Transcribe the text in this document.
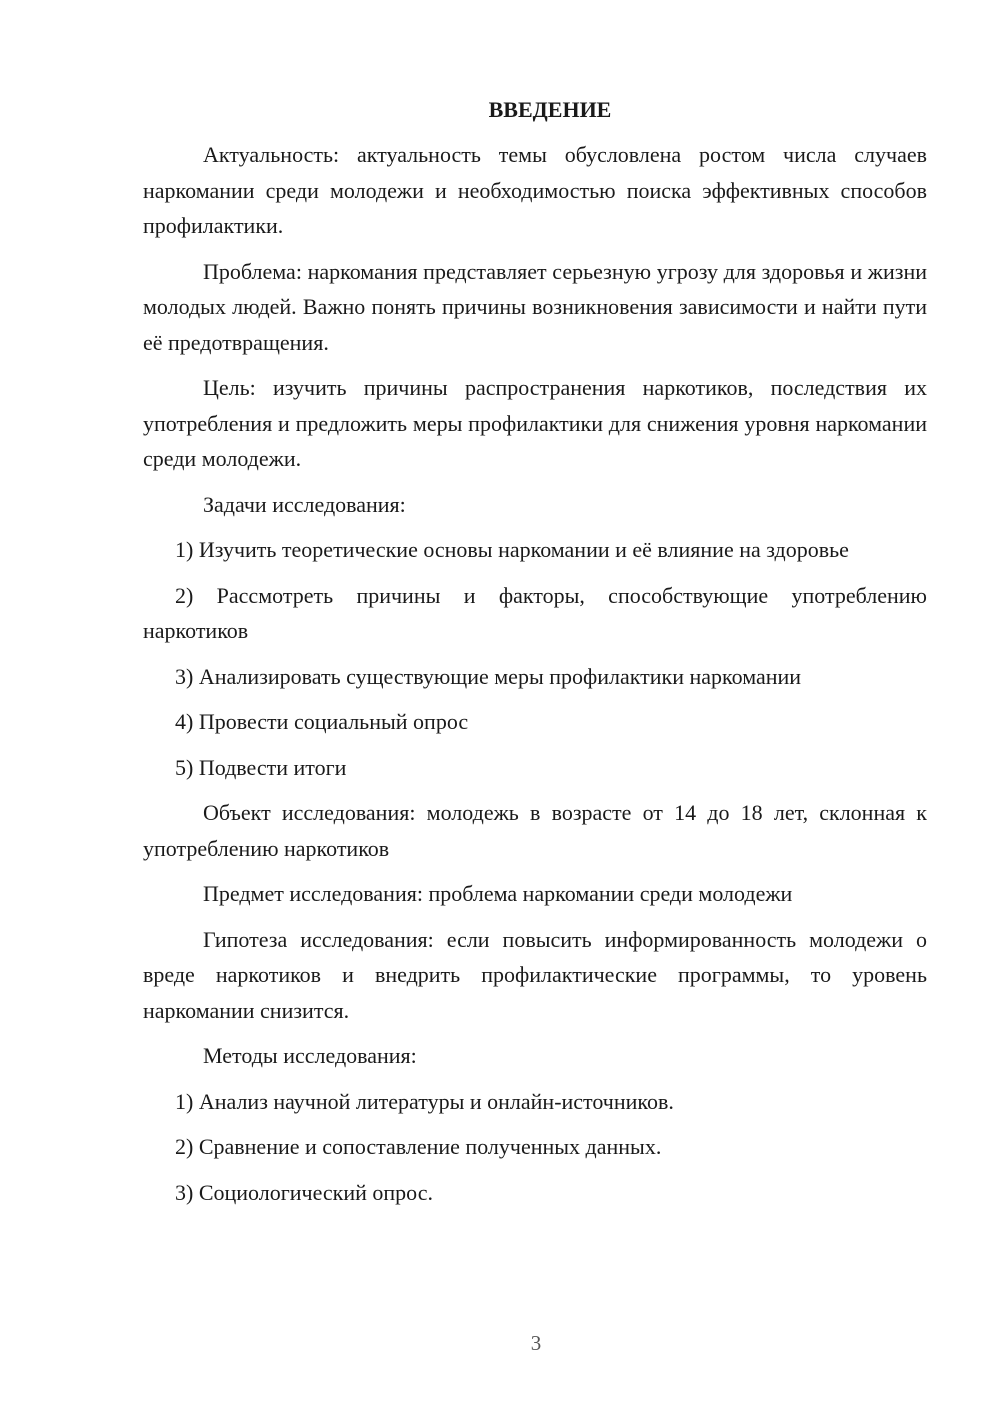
ВВЕДЕНИЕ

Актуальность: актуальность темы обусловлена ростом числа случаев наркомании среди молодежи и необходимостью поиска эффективных способов профилактики.

Проблема: наркомания представляет серьезную угрозу для здоровья и жизни молодых людей. Важно понять причины возникновения зависимости и найти пути её предотвращения.

Цель: изучить причины распространения наркотиков, последствия их употребления и предложить меры профилактики для снижения уровня наркомании среди молодежи.

Задачи исследования:

1) Изучить теоретические основы наркомании и её влияние на здоровье

2) Рассмотреть причины и факторы, способствующие употреблению наркотиков

3) Анализировать существующие меры профилактики наркомании

4) Провести социальный опрос

5) Подвести итоги

Объект исследования: молодежь в возрасте от 14 до 18 лет, склонная к употреблению наркотиков

Предмет исследования: проблема наркомании среди молодежи

Гипотеза исследования: если повысить информированность молодежи о вреде наркотиков и внедрить профилактические программы, то уровень наркомании снизится.

Методы исследования:

1) Анализ научной литературы и онлайн-источников.

2) Сравнение и сопоставление полученных данных.

3) Социологический опрос.

3
